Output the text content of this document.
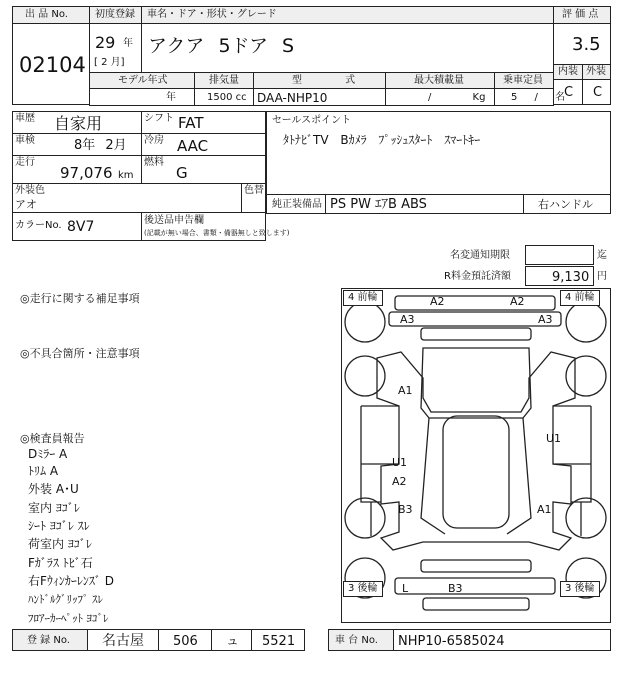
出 品 No.
02104
初度登録 車名・ドア・形状・グレード
29 年
[ 2 月]
アクア 5ドア S
評 価 点
3.5
内装 外装
C C
モデル年式	排気量	型 式	最大積載量	乗車定員
年	1500 cc DAA-NHP10	/ Kg	5 / 名
車歴 自家用	シフト FAT
車検	8年 2月 冷房 AAC
走行
97,076 km
燃料
G
外装色
アオ
色替
カラーNo. 8V7	後送品申告欄
(記載が無い場合、書類・備器無しと致します)
セールスポイント
ﾀﾄﾅﾋﾞTV Bｶﾒﾗ ﾌﾟｯｼｭｽﾀｰﾄ ｽﾏｰﾄｷｰ
純正装備品 PS PW ｴｱB ABS	右ハンドル
名変通知期限	迄
R料金預託済額	9,130 円
◎走行に関する補足事項
◎不具合箇所・注意事項
◎検査員報告
Dﾐﾗｰ A
ﾄﾘﾑ A
外装 A･U
室内 ﾖｺﾞﾚ
ｼｰﾄ ﾖｺﾞﾚ ｽﾚ
荷室内 ﾖｺﾞﾚ
Fｶﾞﾗｽ ﾄﾋﾞ石
右Fｳｨﾝｶｰﾚﾝｽﾞ D
ﾊﾝﾄﾞﾙｸﾞﾘｯﾌﾟ ｽﾚ
ﾌﾛｱｰｶｰﾍﾟｯﾄ ﾖｺﾞﾚ
4 前輪	4 前輪
3 後輪	3 後輪
A2	A2
A3	A3
A1
U1
U1
A2
B3	A1
L	B3
登 録 No. 名古屋 506 ュ 5521	車 台 No. NHP10-6585024
